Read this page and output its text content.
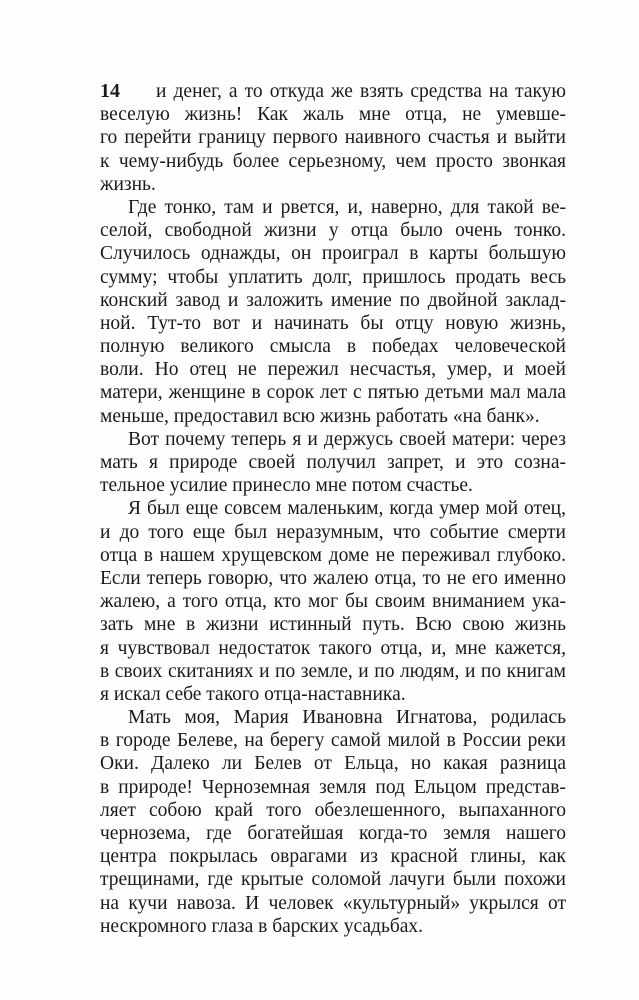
14	и денег, а то откуда же взять средства на такую
веселую жизнь! Как жаль мне отца, не умевше-
го перейти границу первого наивного счастья и выйти
к чему-нибудь более серьезному, чем просто звонкая
жизнь.
Где тонко, там и рвется, и, наверно, для такой ве-
селой, свободной жизни у отца было очень тонко.
Случилось однажды, он проиграл в карты большую
сумму; чтобы уплатить долг, пришлось продать весь
конский завод и заложить имение по двойной заклад-
ной. Тут-то вот и начинать бы отцу новую жизнь,
полную великого смысла в победах человеческой
воли. Но отец не пережил несчастья, умер, и моей
матери, женщине в сорок лет с пятью детьми мал мала
меньше, предоставил всю жизнь работать «на банк».
Вот почему теперь я и держусь своей матери: через
мать я природе своей получил запрет, и это сознa-
тельное усилие принесло мне потом счастье.
Я был еще совсем маленьким, когда умер мой отец,
и до того еще был неразумным, что событие смерти
отца в нашем хрущевском доме не переживал глубоко.
Если теперь говорю, что жалею отца, то не его именно
жалею, а того отца, кто мог бы своим вниманием ука-
зать мне в жизни истинный путь. Всю свою жизнь
я чувствовал недостаток такого отца, и, мне кажется,
в своих скитаниях и по земле, и по людям, и по книгам
я искал себе такого отца-наставника.
Мать моя, Мария Ивановна Игнатова, родилась
в городе Белеве, на берегу самой милой в России реки
Оки. Далеко ли Белев от Ельца, но какая разница
в природе! Черноземная земля под Ельцом представ-
ляет собою край того обезлешенного, выпаханного
чернозема, где богатейшая когда-то земля нашего
центра покрылась оврагами из красной глины, как
трещинами, где крытые соломой лачуги были похожи
на кучи навоза. И человек «культурный» укрылся от
нескромного глаза в барских усадьбах.
